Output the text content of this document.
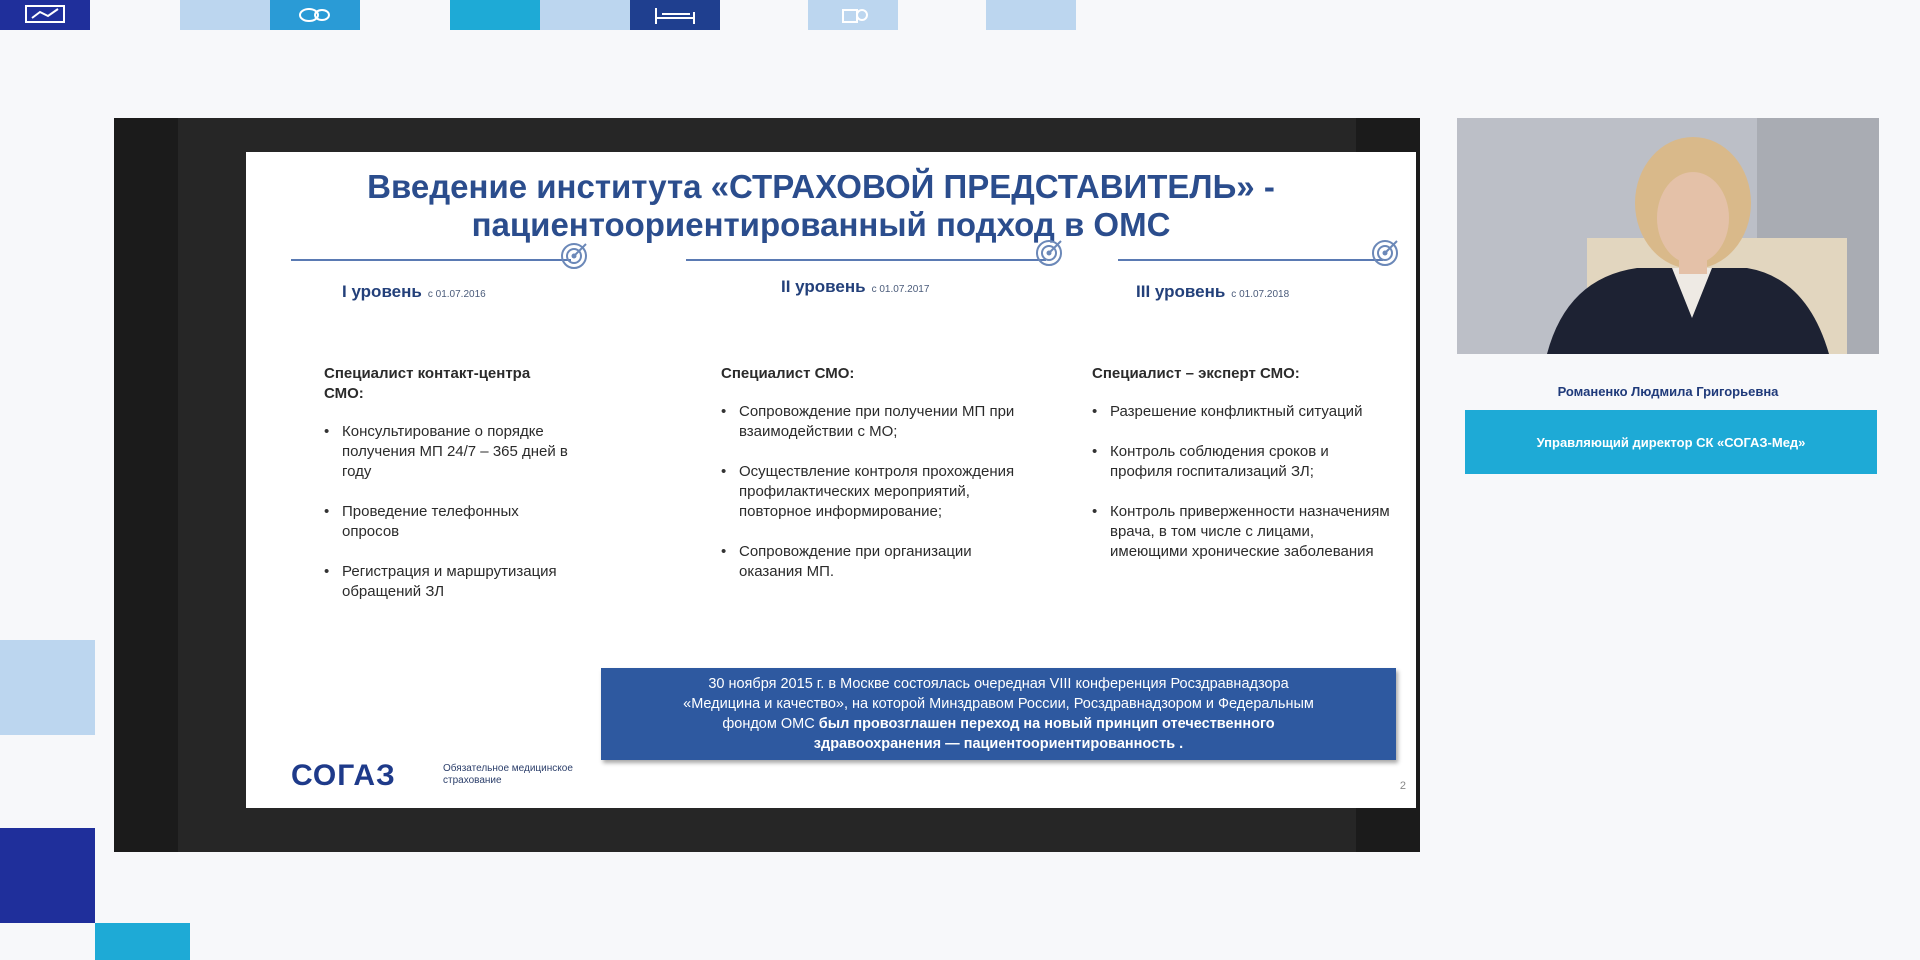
Введение института «СТРАХОВОЙ ПРЕДСТАВИТЕЛЬ» -
пациентоориентированный подход в ОМС
I уровень с 01.07.2016	II уровень с 01.07.2017	III уровень с 01.07.2018
Специалист контакт-центра СМО:
• Консультирование о порядке получения МП 24/7 – 365 дней в году
• Проведение телефонных опросов
• Регистрация и маршрутизация обращений ЗЛ
Специалист СМО:
• Сопровождение при получении МП при взаимодействии с МО;
• Осуществление контроля прохождения профилактических мероприятий, повторное информирование;
• Сопровождение при организации оказания МП.
Специалист – эксперт СМО:
• Разрешение конфликтный ситуаций
• Контроль соблюдения сроков и профиля госпитализаций ЗЛ;
• Контроль приверженности назначениям врача, в том числе с лицами, имеющими хронические заболевания
30 ноября 2015 г. в Москве состоялась очередная VIII конференция Росздравнадзора
«Медицина и качество», на которой Минздравом России, Росздравнадзором и Федеральным
фондом ОМС был провозглашен переход на новый принцип отечественного
здравоохранения — пациентоориентированность .
СОГАЗ	Обязательное медицинское страхование	2
Романенко Людмила Григорьевна
Управляющий директор СК «СОГАЗ-Мед»
